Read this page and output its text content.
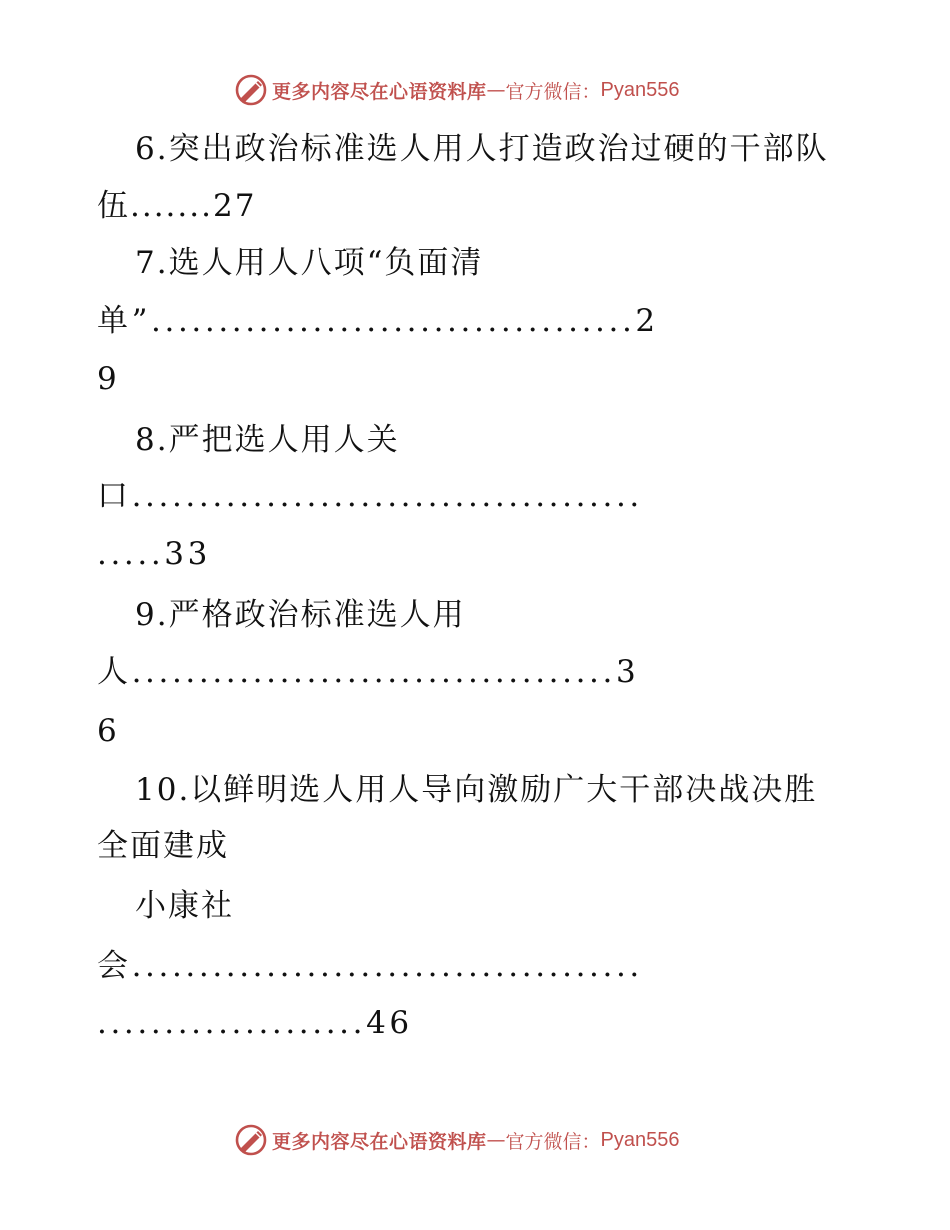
更多内容尽在心语资料库 — 官方微信： Pyan556
6.突出政治标准选人用人打造政治过硬的干部队
伍.......27
7.选人用人八项“负面清
单”....................................2
9
8.严把选人用人关
口......................................
.....33
9.严格政治标准选人用
人....................................3
6
10.以鲜明选人用人导向激励广大干部决战决胜
全面建成
小康社
会......................................
....................46
更多内容尽在心语资料库 — 官方微信： Pyan556
